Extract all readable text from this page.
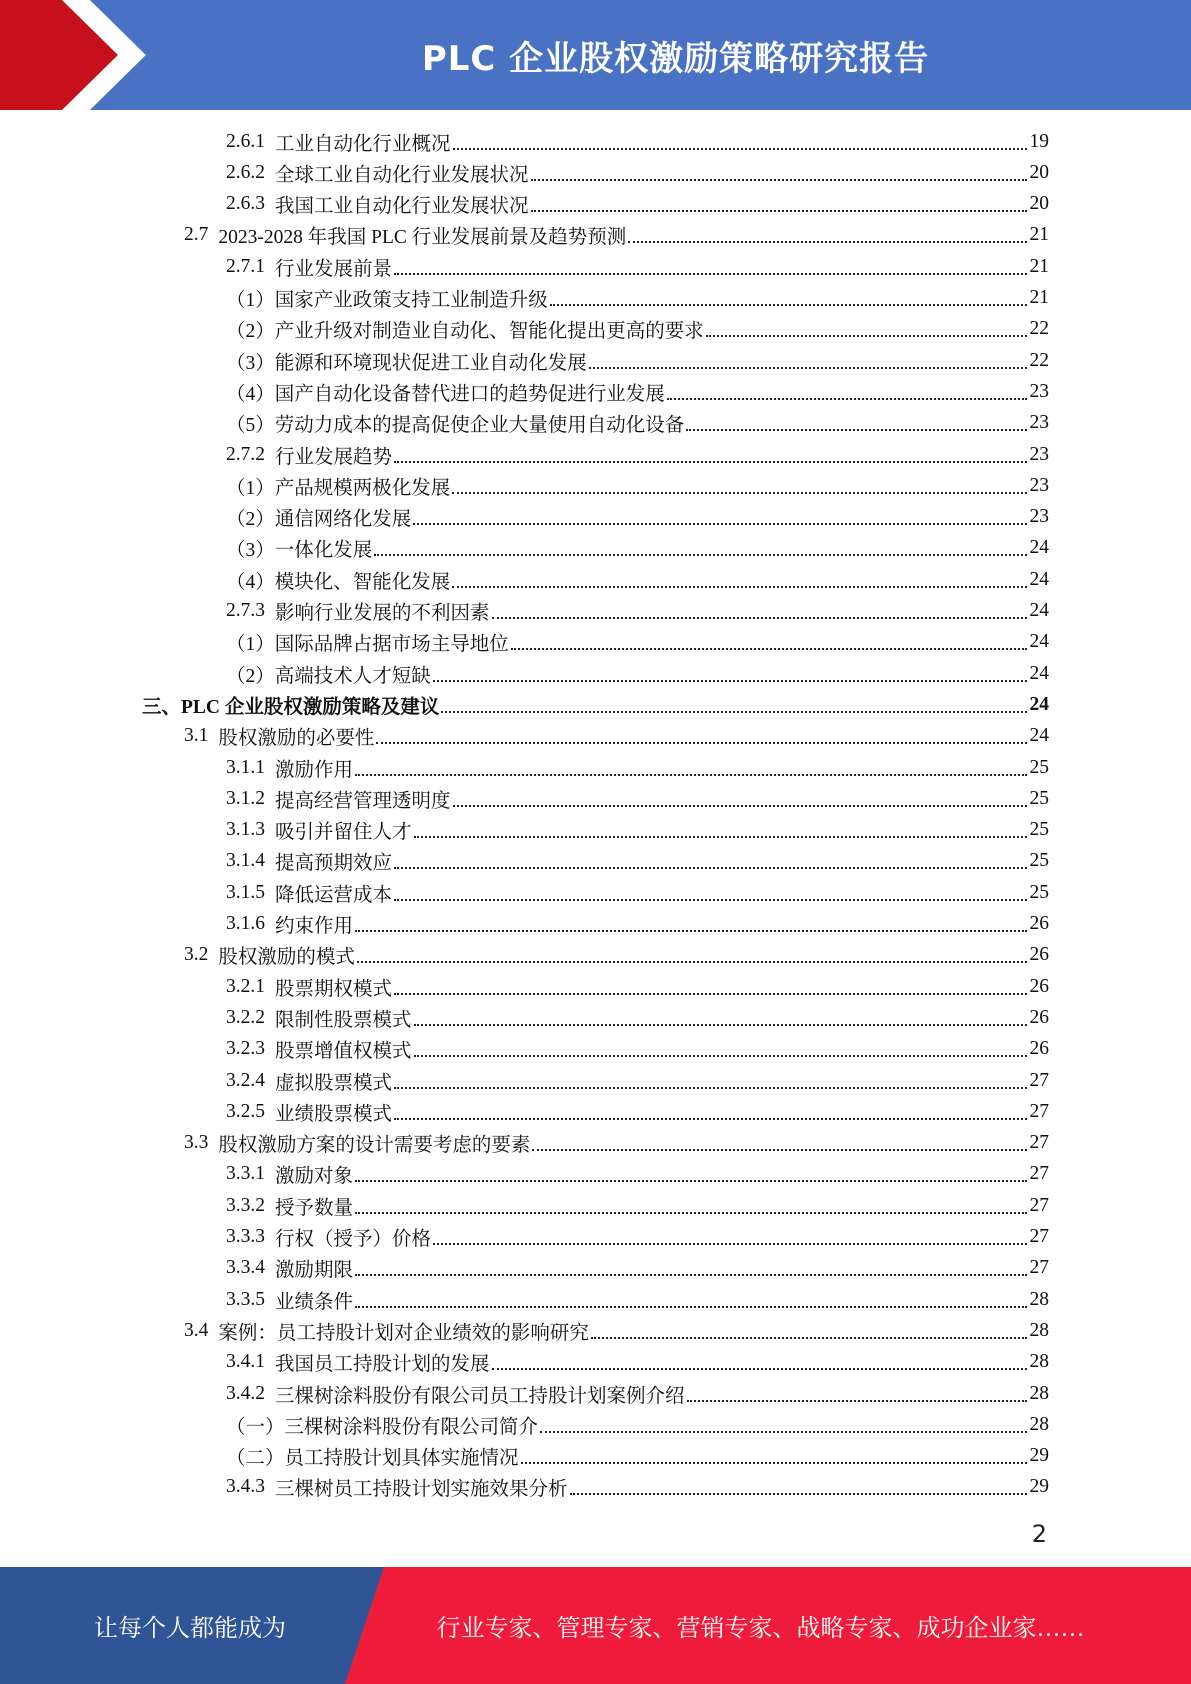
PLC 企业股权激励策略研究报告
2.6.1 工业自动化行业概况	19
2.6.2 全球工业自动化行业发展状况	20
2.6.3 我国工业自动化行业发展状况	20
2.7 2023-2028 年我国 PLC 行业发展前景及趋势预测	21
2.7.1 行业发展前景	21
（1）国家产业政策支持工业制造升级	21
（2）产业升级对制造业自动化、智能化提出更高的要求	22
（3）能源和环境现状促进工业自动化发展	22
（4）国产自动化设备替代进口的趋势促进行业发展	23
（5）劳动力成本的提高促使企业大量使用自动化设备	23
2.7.2 行业发展趋势	23
（1）产品规模两极化发展	23
（2）通信网络化发展	23
（3）一体化发展	24
（4）模块化、智能化发展	24
2.7.3 影响行业发展的不利因素	24
（1）国际品牌占据市场主导地位	24
（2）高端技术人才短缺	24
三、PLC 企业股权激励策略及建议	24
3.1 股权激励的必要性	24
3.1.1 激励作用	25
3.1.2 提高经营管理透明度	25
3.1.3 吸引并留住人才	25
3.1.4 提高预期效应	25
3.1.5 降低运营成本	25
3.1.6 约束作用	26
3.2 股权激励的模式	26
3.2.1 股票期权模式	26
3.2.2 限制性股票模式	26
3.2.3 股票增值权模式	26
3.2.4 虚拟股票模式	27
3.2.5 业绩股票模式	27
3.3 股权激励方案的设计需要考虑的要素	27
3.3.1 激励对象	27
3.3.2 授予数量	27
3.3.3 行权（授予）价格	27
3.3.4 激励期限	27
3.3.5 业绩条件	28
3.4 案例：员工持股计划对企业绩效的影响研究	28
3.4.1 我国员工持股计划的发展	28
3.4.2 三棵树涂料股份有限公司员工持股计划案例介绍	28
（一）三棵树涂料股份有限公司简介	28
（二）员工持股计划具体实施情况	29
3.4.3 三棵树员工持股计划实施效果分析	29
2
让每个人都能成为	行业专家、管理专家、营销专家、战略专家、成功企业家……
